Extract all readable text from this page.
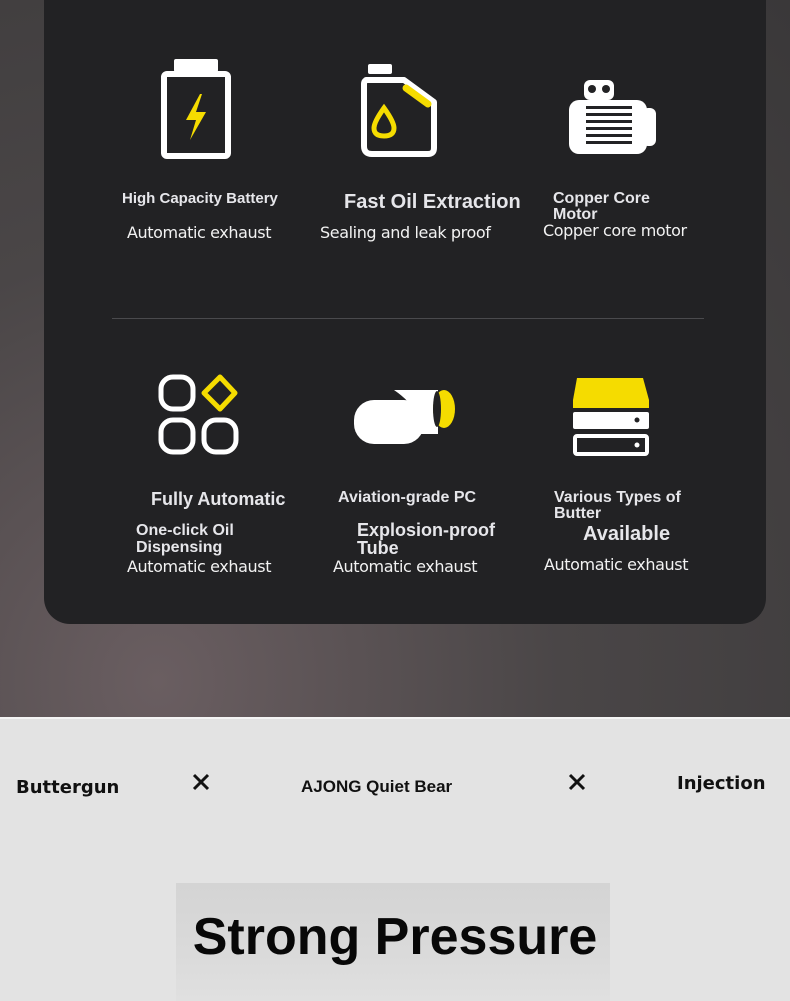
High Capacity Battery
Automatic exhaust
Fast Oil Extraction
Sealing and leak proof
Copper Core Motor
Copper core motor
Fully Automatic
One-click Oil Dispensing
Automatic exhaust
Aviation-grade PC
Explosion-proof Tube
Automatic exhaust
Various Types of Butter
Available
Automatic exhaust
Buttergun	AJONG Quiet Bear	Injection
Strong Pressure
